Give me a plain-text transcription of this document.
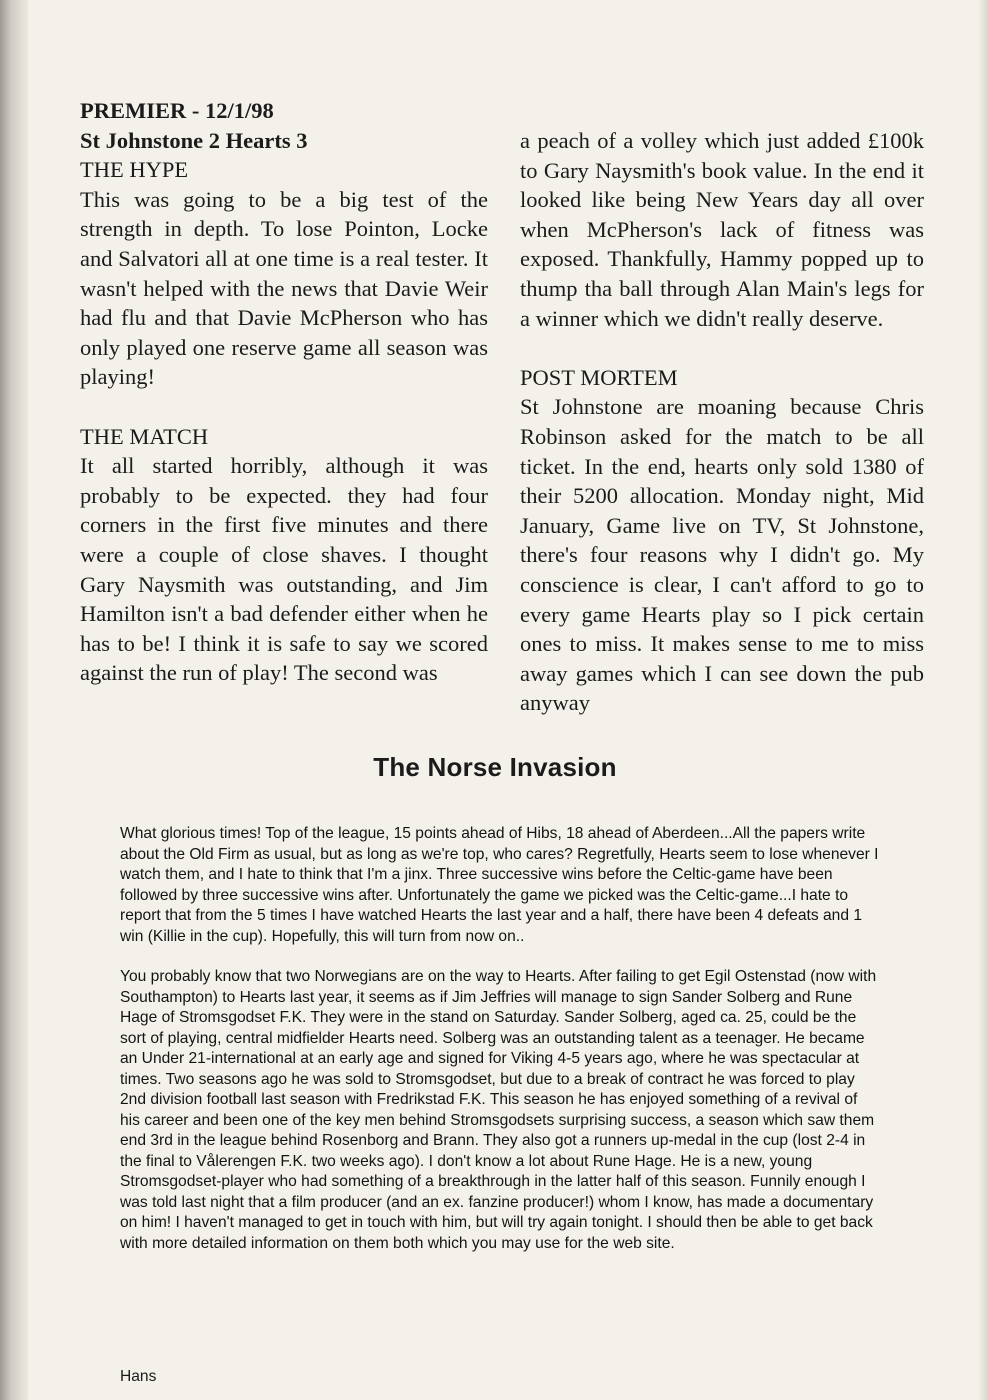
PREMIER - 12/1/98
St Johnstone 2 Hearts 3
THE HYPE

This was going to be a big test of the strength in depth. To lose Pointon, Locke and Salvatori all at one time is a real tester. It wasn't helped with the news that Davie Weir had flu and that Davie McPherson who has only played one reserve game all season was playing!

THE MATCH

It all started horribly, although it was probably to be expected. they had four corners in the first five minutes and there were a couple of close shaves. I thought Gary Naysmith was outstanding, and Jim Hamilton isn't a bad defender either when he has to be! I think it is safe to say we scored against the run of play! The second was

a peach of a volley which just added £100k to Gary Naysmith's book value. In the end it looked like being New Years day all over when McPherson's lack of fitness was exposed. Thankfully, Hammy popped up to thump tha ball through Alan Main's legs for a winner which we didn't really deserve.

POST MORTEM

St Johnstone are moaning because Chris Robinson asked for the match to be all ticket. In the end, hearts only sold 1380 of their 5200 allocation. Monday night, Mid January, Game live on TV, St Johnstone, there's four reasons why I didn't go. My conscience is clear, I can't afford to go to every game Hearts play so I pick certain ones to miss. It makes sense to me to miss away games which I can see down the pub anyway

The Norse Invasion

What glorious times! Top of the league, 15 points ahead of Hibs, 18 ahead of Aberdeen...All the papers write about the Old Firm as usual, but as long as we're top, who cares? Regretfully, Hearts seem to lose whenever I watch them, and I hate to think that I'm a jinx. Three successive wins before the Celtic-game have been followed by three successive wins after. Unfortunately the game we picked was the Celtic-game...I hate to report that from the 5 times I have watched Hearts the last year and a half, there have been 4 defeats and 1 win (Killie in the cup). Hopefully, this will turn from now on..

You probably know that two Norwegians are on the way to Hearts. After failing to get Egil Ostenstad (now with Southampton) to Hearts last year, it seems as if Jim Jeffries will manage to sign Sander Solberg and Rune Hage of Stromsgodset F.K. They were in the stand on Saturday. Sander Solberg, aged ca. 25, could be the sort of playing, central midfielder Hearts need. Solberg was an outstanding talent as a teenager. He became an Under 21-international at an early age and signed for Viking 4-5 years ago, where he was spectacular at times. Two seasons ago he was sold to Stromsgodset, but due to a break of contract he was forced to play 2nd division football last season with Fredrikstad F.K. This season he has enjoyed something of a revival of his career and been one of the key men behind Stromsgodsets surprising success, a season which saw them end 3rd in the league behind Rosenborg and Brann. They also got a runners up-medal in the cup (lost 2-4 in the final to Vålerengen F.K. two weeks ago). I don't know a lot about Rune Hage. He is a new, young Stromsgodset-player who had something of a breakthrough in the latter half of this season. Funnily enough I was told last night that a film producer (and an ex. fanzine producer!) whom I know, has made a documentary on him! I haven't managed to get in touch with him, but will try again tonight. I should then be able to get back with more detailed information on them both which you may use for the web site.

Hans
